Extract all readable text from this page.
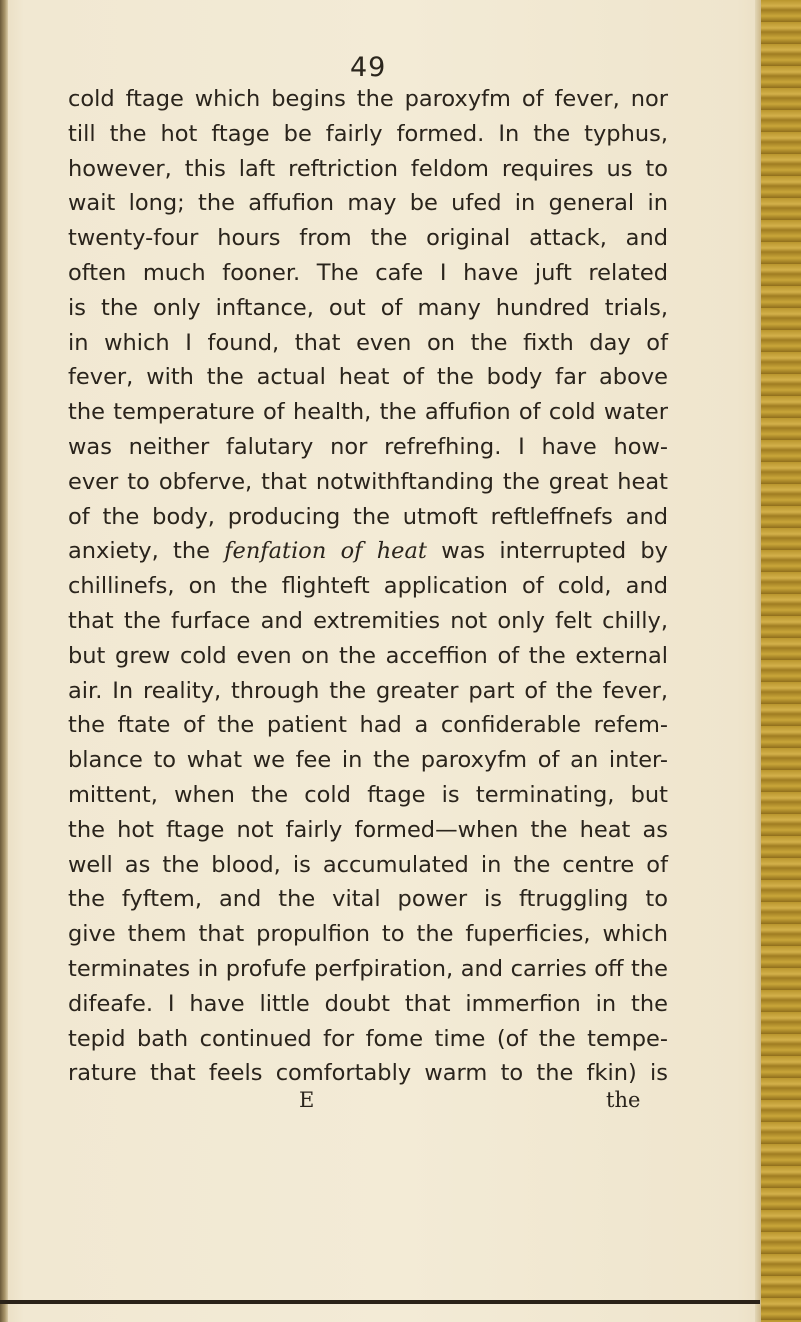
49
cold ftage which begins the paroxyfm of fever, nor
till the hot ftage be fairly formed. In the typhus,
however, this laft reftriction feldom requires us to
wait long; the affufion may be ufed in general in
twenty-four hours from the original attack, and
often much fooner. The cafe I have juft related
is the only inftance, out of many hundred trials,
in which I found, that even on the fixth day of
fever, with the actual heat of the body far above
the temperature of health, the affufion of cold water
was neither falutary nor refrefhing. I have how-
ever to obferve, that notwithftanding the great heat
of the body, producing the utmoft reftleffnefs and
anxiety, the fenfation of heat was interrupted by
chillinefs, on the flighteft application of cold, and
that the furface and extremities not only felt chilly,
but grew cold even on the acceffion of the external
air. In reality, through the greater part of the fever,
the ftate of the patient had a confiderable refem-
blance to what we fee in the paroxyfm of an inter-
mittent, when the cold ftage is terminating, but
the hot ftage not fairly formed—when the heat as
well as the blood, is accumulated in the centre of
the fyftem, and the vital power is ftruggling to
give them that propulfion to the fuperficies, which
terminates in profufe perfpiration, and carries off the
difeafe. I have little doubt that immerfion in the
tepid bath continued for fome time (of the tempe-
rature that feels comfortably warm to the fkin) is
E	the
